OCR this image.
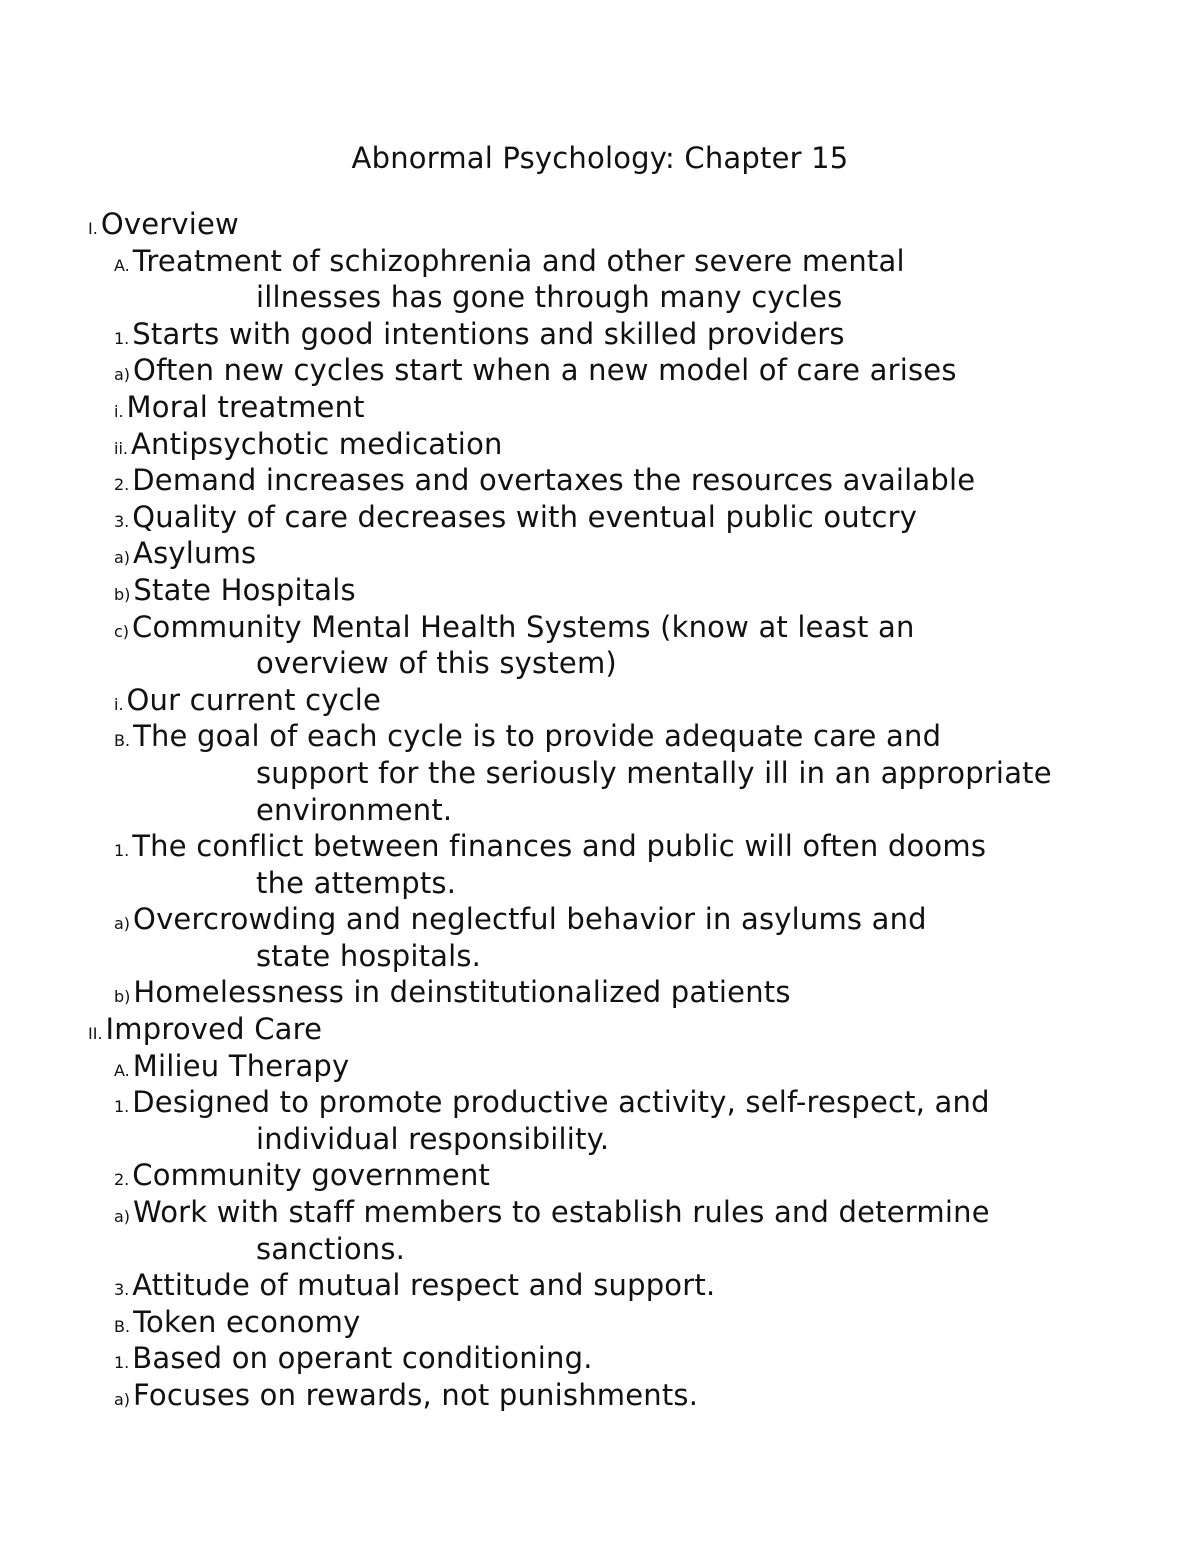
Abnormal Psychology: Chapter 15
I. Overview
A. Treatment of schizophrenia and other severe mental
illnesses has gone through many cycles
1. Starts with good intentions and skilled providers
a) Often new cycles start when a new model of care arises
i. Moral treatment
ii. Antipsychotic medication
2. Demand increases and overtaxes the resources available
3. Quality of care decreases with eventual public outcry
a) Asylums
b) State Hospitals
c) Community Mental Health Systems (know at least an
overview of this system)
i. Our current cycle
B. The goal of each cycle is to provide adequate care and
support for the seriously mentally ill in an appropriate
environment.
1. The conflict between finances and public will often dooms
the attempts.
a) Overcrowding and neglectful behavior in asylums and
state hospitals.
b) Homelessness in deinstitutionalized patients
II. Improved Care
A. Milieu Therapy
1. Designed to promote productive activity, self-respect, and
individual responsibility.
2. Community government
a) Work with staff members to establish rules and determine
sanctions.
3. Attitude of mutual respect and support.
B. Token economy
1. Based on operant conditioning.
a) Focuses on rewards, not punishments.
